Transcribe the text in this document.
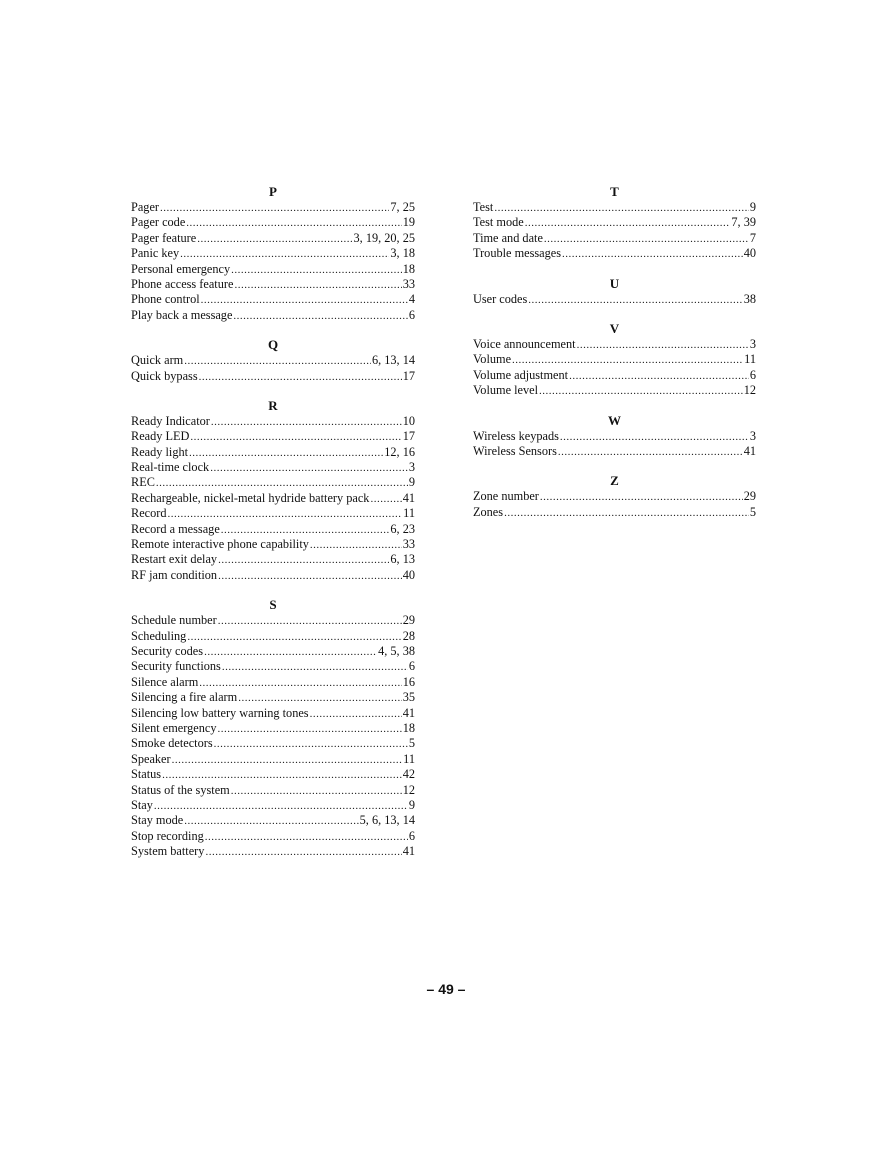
P
Pager .....	7, 25
Pager code .....	19
Pager feature .....	3, 19, 20, 25
Panic key .....	3, 18
Personal emergency .....	18
Phone access feature .....	33
Phone control .....	4
Play back a message .....	6
Q
Quick arm .....	6, 13, 14
Quick bypass .....	17
R
Ready Indicator .....	10
Ready LED .....	17
Ready light .....	12, 16
Real-time clock .....	3
REC .....	9
Rechargeable, nickel-metal hydride battery pack .....	41
Record .....	11
Record a message .....	6, 23
Remote interactive phone capability .....	33
Restart exit delay .....	6, 13
RF jam condition .....	40
S
Schedule number .....	29
Scheduling .....	28
Security codes .....	4, 5, 38
Security functions .....	6
Silence alarm .....	16
Silencing a fire alarm .....	35
Silencing low battery warning tones .....	41
Silent emergency .....	18
Smoke detectors .....	5
Speaker .....	11
Status .....	42
Status of the system .....	12
Stay .....	9
Stay mode .....	5, 6, 13, 14
Stop recording .....	6
System battery .....	41
T
Test .....	9
Test mode .....	7, 39
Time and date .....	7
Trouble messages .....	40
U
User codes .....	38
V
Voice announcement .....	3
Volume .....	11
Volume adjustment .....	6
Volume level .....	12
W
Wireless keypads .....	3
Wireless Sensors .....	41
Z
Zone number .....	29
Zones .....	5
– 49 –
